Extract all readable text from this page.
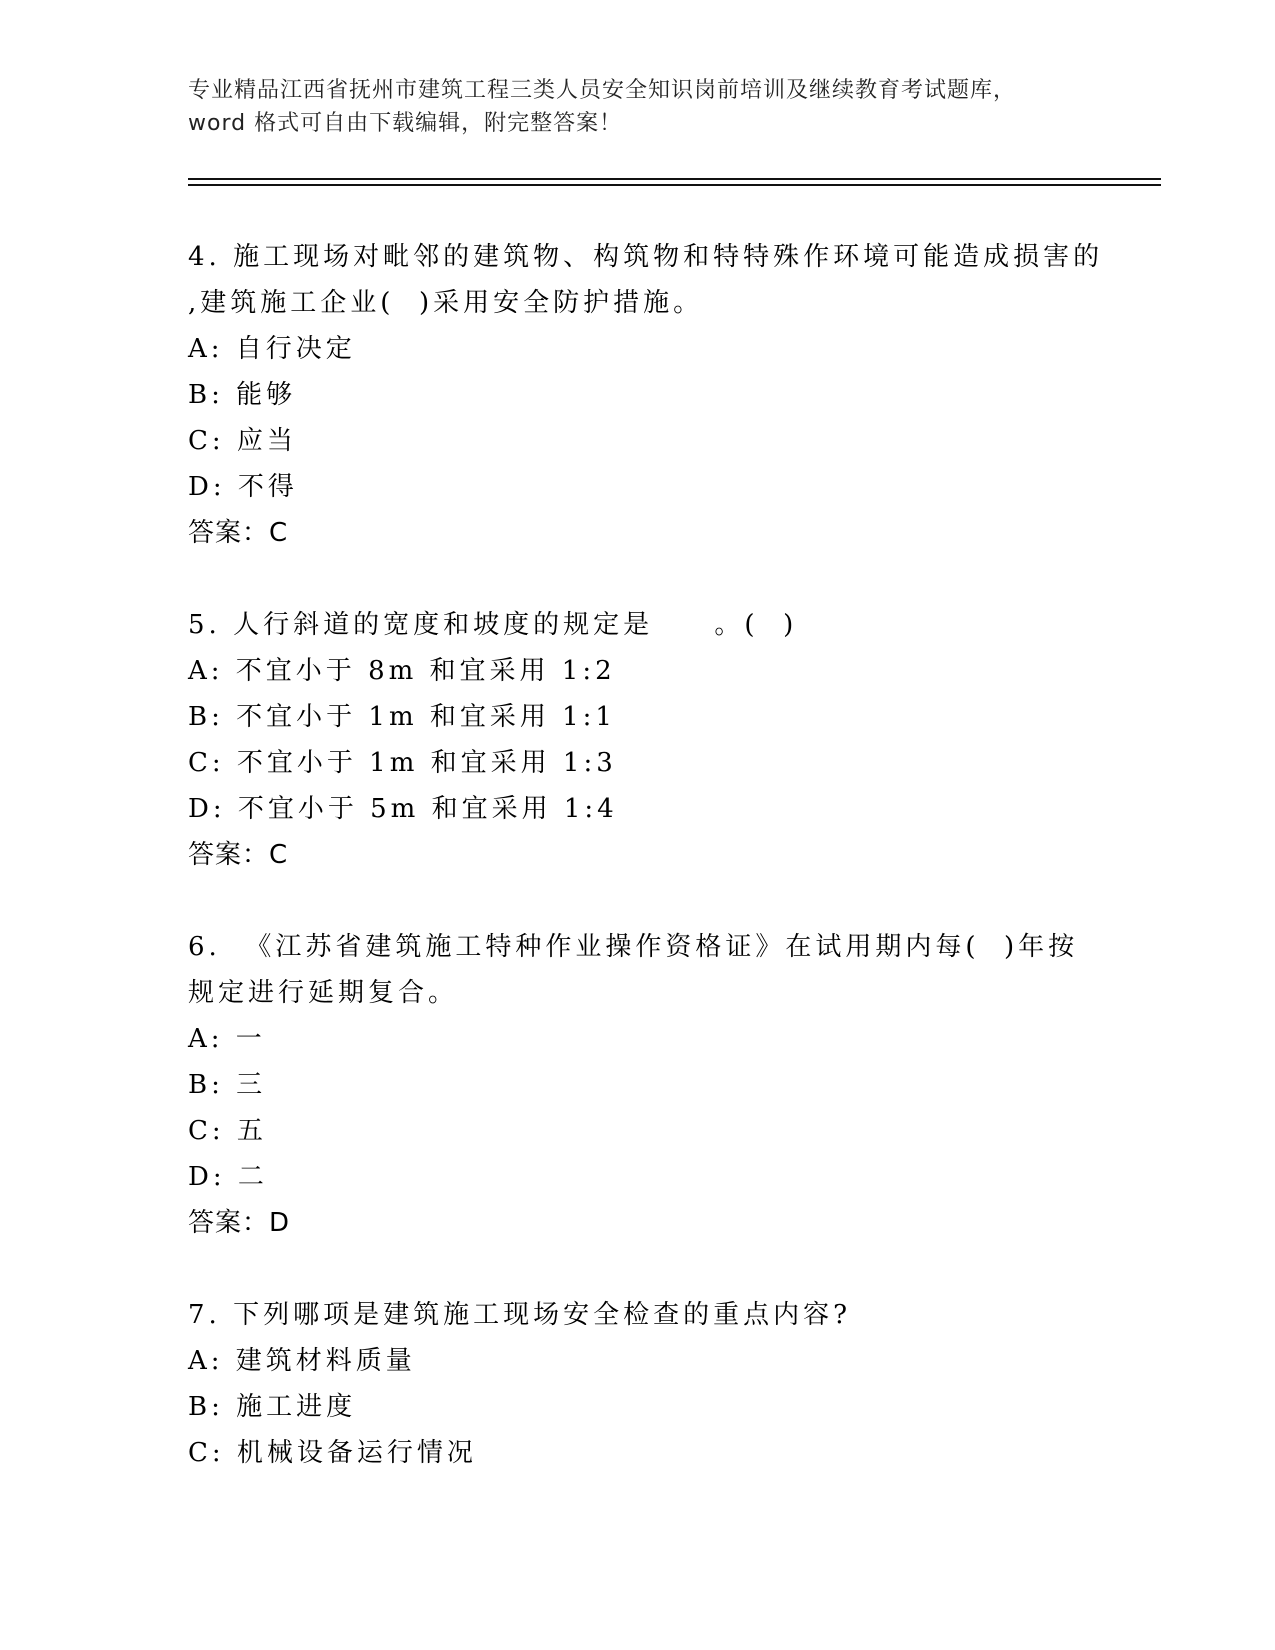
专业精品江西省抚州市建筑工程三类人员安全知识岗前培训及继续教育考试题库，
word 格式可自由下载编辑，附完整答案！
4. 施工现场对毗邻的建筑物、构筑物和特特殊作环境可能造成损害的
,建筑施工企业(  )采用安全防护措施。
A: 自行决定
B: 能够
C: 应当
D: 不得
答案：C
5. 人行斜道的宽度和坡度的规定是     。(  )
A: 不宜小于 8m 和宜采用 1:2
B: 不宜小于 1m 和宜采用 1:1
C: 不宜小于 1m 和宜采用 1:3
D: 不宜小于 5m 和宜采用 1:4
答案：C
6.  《江苏省建筑施工特种作业操作资格证》在试用期内每(  )年按
规定进行延期复合。
A: 一
B: 三
C: 五
D: 二
答案：D
7. 下列哪项是建筑施工现场安全检查的重点内容?
A: 建筑材料质量
B: 施工进度
C: 机械设备运行情况
